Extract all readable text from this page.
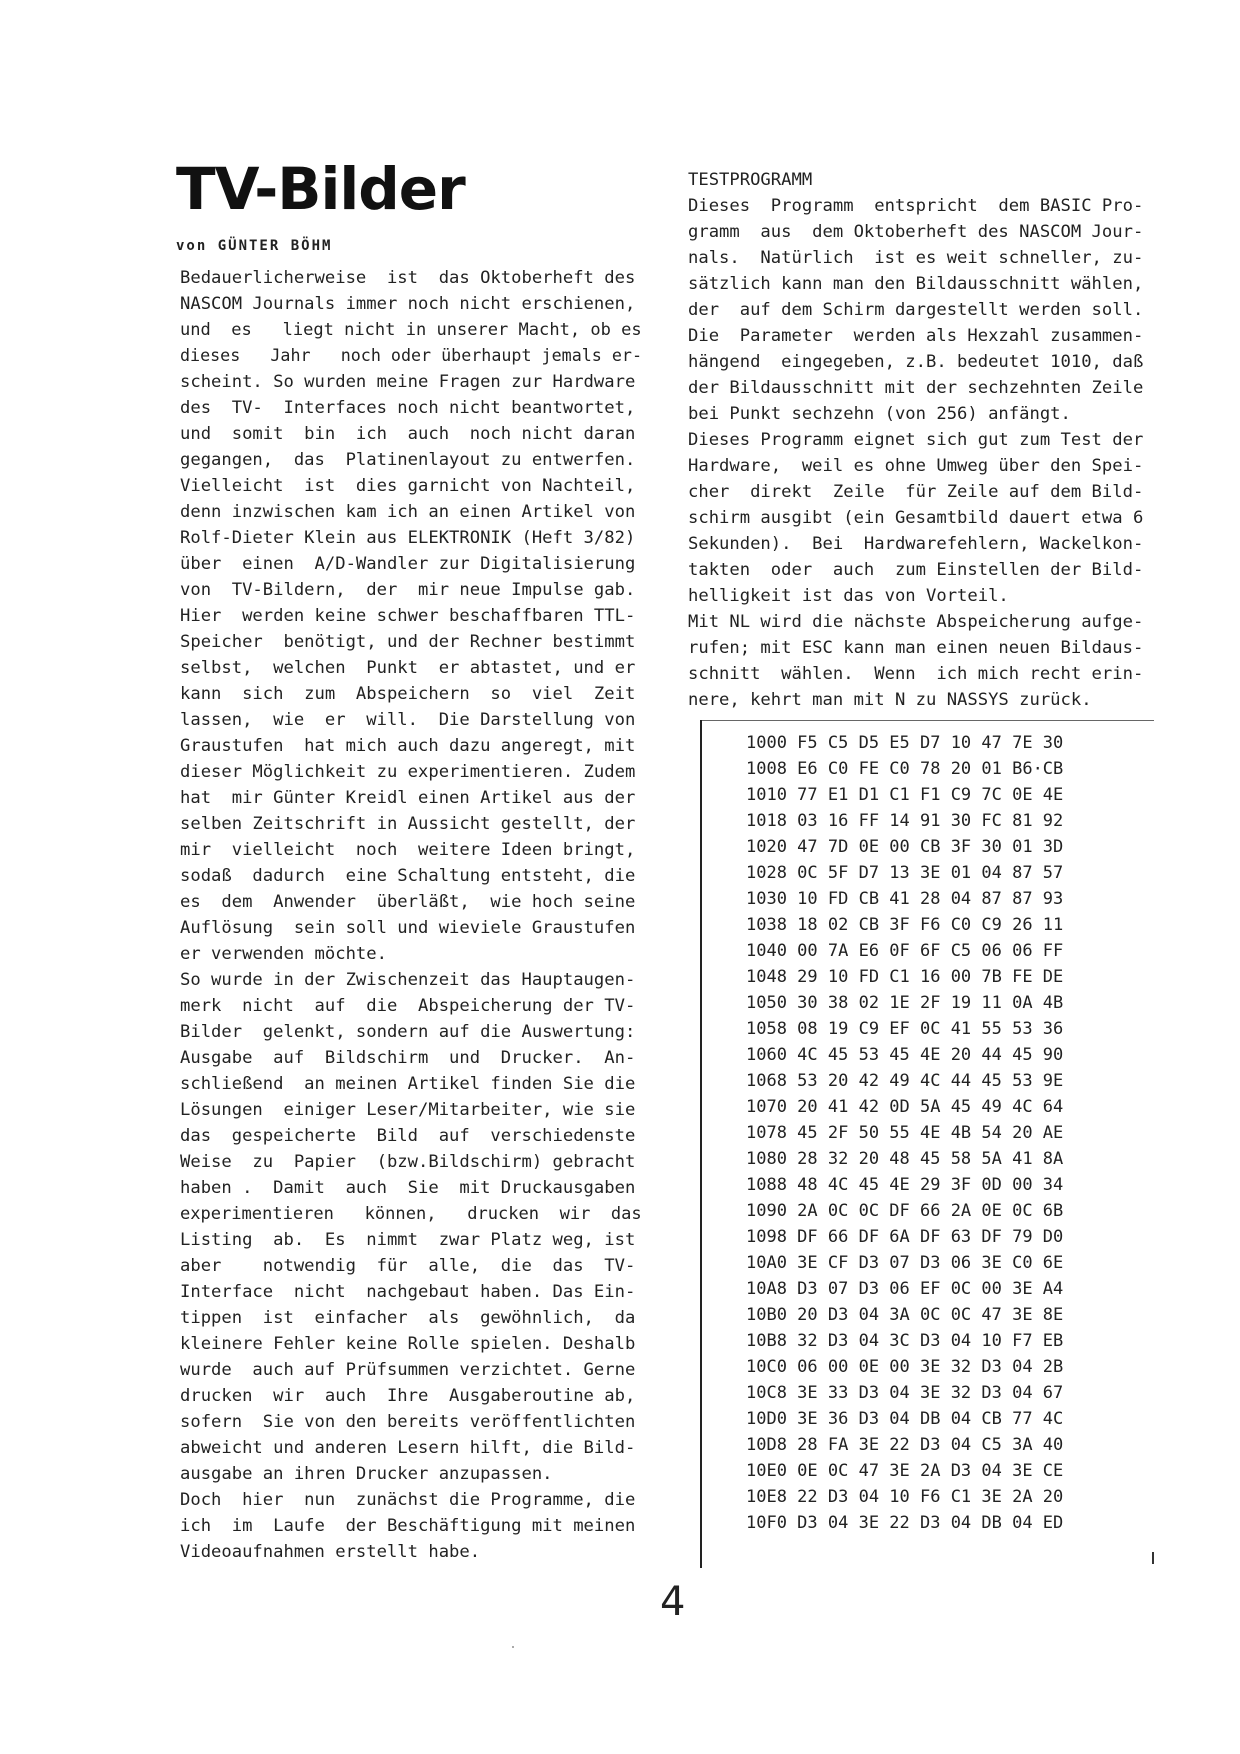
TV-Bilder
von GÜNTER BÖHM
Bedauerlicherweise  ist  das Oktoberheft des
NASCOM Journals immer noch nicht erschienen,
und  es   liegt nicht in unserer Macht, ob es
dieses   Jahr   noch oder überhaupt jemals er-
scheint. So wurden meine Fragen zur Hardware
des  TV-  Interfaces noch nicht beantwortet,
und  somit  bin  ich  auch  noch nicht daran
gegangen,  das  Platinenlayout zu entwerfen.
Vielleicht  ist  dies garnicht von Nachteil,
denn inzwischen kam ich an einen Artikel von
Rolf-Dieter Klein aus ELEKTRONIK (Heft 3/82)
über  einen  A/D-Wandler zur Digitalisierung
von  TV-Bildern,  der  mir neue Impulse gab.
Hier  werden keine schwer beschaffbaren TTL-
Speicher  benötigt, und der Rechner bestimmt
selbst,  welchen  Punkt  er abtastet, und er
kann  sich  zum  Abspeichern  so  viel  Zeit
lassen,  wie  er  will.  Die Darstellung von
Graustufen  hat mich auch dazu angeregt, mit
dieser Möglichkeit zu experimentieren. Zudem
hat  mir Günter Kreidl einen Artikel aus der
selben Zeitschrift in Aussicht gestellt, der
mir  vielleicht  noch  weitere Ideen bringt,
sodaß  dadurch  eine Schaltung entsteht, die
es  dem  Anwender  überläßt,  wie hoch seine
Auflösung  sein soll und wieviele Graustufen
er verwenden möchte.
So wurde in der Zwischenzeit das Hauptaugen-
merk  nicht  auf  die  Abspeicherung der TV-
Bilder  gelenkt, sondern auf die Auswertung:
Ausgabe  auf  Bildschirm  und  Drucker.  An-
schließend  an meinen Artikel finden Sie die
Lösungen  einiger Leser/Mitarbeiter, wie sie
das  gespeicherte  Bild  auf  verschiedenste
Weise  zu  Papier  (bzw.Bildschirm) gebracht
haben .  Damit  auch  Sie  mit Druckausgaben
experimentieren   können,   drucken  wir  das
Listing  ab.  Es  nimmt  zwar Platz weg, ist
aber    notwendig  für  alle,  die  das  TV-
Interface  nicht  nachgebaut haben. Das Ein-
tippen  ist  einfacher  als  gewöhnlich,  da
kleinere Fehler keine Rolle spielen. Deshalb
wurde  auch auf Prüfsummen verzichtet. Gerne
drucken  wir  auch  Ihre  Ausgaberoutine ab,
sofern  Sie von den bereits veröffentlichten
abweicht und anderen Lesern hilft, die Bild-
ausgabe an ihren Drucker anzupassen.
Doch  hier  nun  zunächst die Programme, die
ich  im  Laufe  der Beschäftigung mit meinen
Videoaufnahmen erstellt habe.
TESTPROGRAMM
Dieses  Programm  entspricht  dem BASIC Pro-
gramm  aus  dem Oktoberheft des NASCOM Jour-
nals.  Natürlich  ist es weit schneller, zu-
sätzlich kann man den Bildausschnitt wählen,
der  auf dem Schirm dargestellt werden soll.
Die  Parameter  werden als Hexzahl zusammen-
hängend  eingegeben, z.B. bedeutet 1010, daß
der Bildausschnitt mit der sechzehnten Zeile
bei Punkt sechzehn (von 256) anfängt.
Dieses Programm eignet sich gut zum Test der
Hardware,  weil es ohne Umweg über den Spei-
cher  direkt  Zeile  für Zeile auf dem Bild-
schirm ausgibt (ein Gesamtbild dauert etwa 6
Sekunden).  Bei  Hardwarefehlern, Wackelkon-
takten  oder  auch  zum Einstellen der Bild-
helligkeit ist das von Vorteil.
Mit NL wird die nächste Abspeicherung aufge-
rufen; mit ESC kann man einen neuen Bildaus-
schnitt  wählen.  Wenn  ich mich recht erin-
nere, kehrt man mit N zu NASSYS zurück.
1000 F5 C5 D5 E5 D7 10 47 7E 30
1008 E6 C0 FE C0 78 20 01 B6·CB
1010 77 E1 D1 C1 F1 C9 7C 0E 4E
1018 03 16 FF 14 91 30 FC 81 92
1020 47 7D 0E 00 CB 3F 30 01 3D
1028 0C 5F D7 13 3E 01 04 87 57
1030 10 FD CB 41 28 04 87 87 93
1038 18 02 CB 3F F6 C0 C9 26 11
1040 00 7A E6 0F 6F C5 06 06 FF
1048 29 10 FD C1 16 00 7B FE DE
1050 30 38 02 1E 2F 19 11 0A 4B
1058 08 19 C9 EF 0C 41 55 53 36
1060 4C 45 53 45 4E 20 44 45 90
1068 53 20 42 49 4C 44 45 53 9E
1070 20 41 42 0D 5A 45 49 4C 64
1078 45 2F 50 55 4E 4B 54 20 AE
1080 28 32 20 48 45 58 5A 41 8A
1088 48 4C 45 4E 29 3F 0D 00 34
1090 2A 0C 0C DF 66 2A 0E 0C 6B
1098 DF 66 DF 6A DF 63 DF 79 D0
10A0 3E CF D3 07 D3 06 3E C0 6E
10A8 D3 07 D3 06 EF 0C 00 3E A4
10B0 20 D3 04 3A 0C 0C 47 3E 8E
10B8 32 D3 04 3C D3 04 10 F7 EB
10C0 06 00 0E 00 3E 32 D3 04 2B
10C8 3E 33 D3 04 3E 32 D3 04 67
10D0 3E 36 D3 04 DB 04 CB 77 4C
10D8 28 FA 3E 22 D3 04 C5 3A 40
10E0 0E 0C 47 3E 2A D3 04 3E CE
10E8 22 D3 04 10 F6 C1 3E 2A 20
10F0 D3 04 3E 22 D3 04 DB 04 ED
4
